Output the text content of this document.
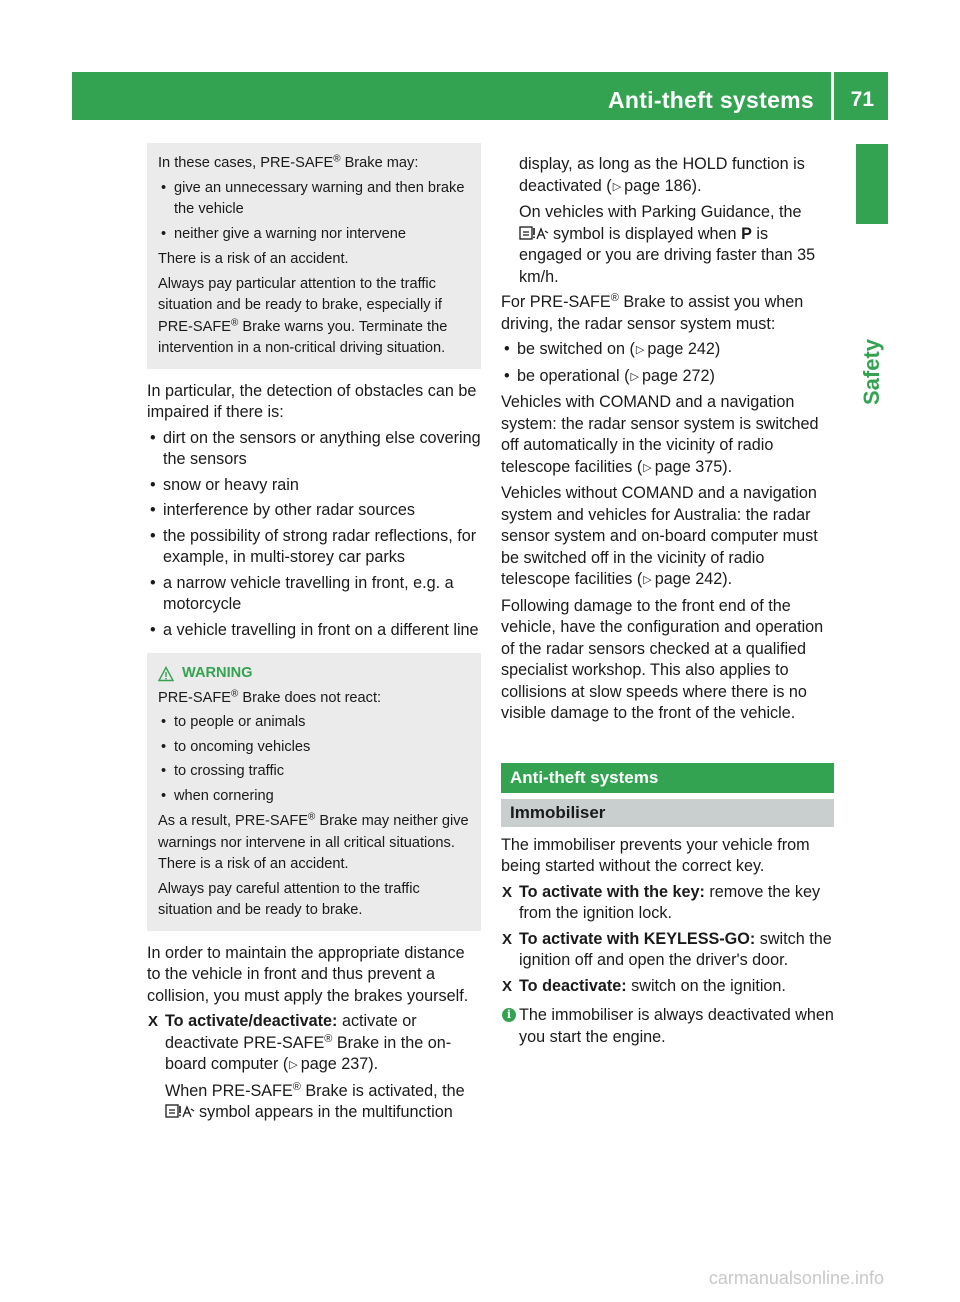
Anti-theft systems 71
Safety

In these cases, PRE-SAFE® Brake may:

• give an unnecessary warning and then brake the vehicle
• neither give a warning nor intervene

There is a risk of an accident.

Always pay particular attention to the traffic situation and be ready to brake, especially if PRE-SAFE® Brake warns you. Terminate the intervention in a non-critical driving situation.

In particular, the detection of obstacles can be impaired if there is:

• dirt on the sensors or anything else covering the sensors
• snow or heavy rain
• interference by other radar sources
• the possibility of strong radar reflections, for example, in multi-storey car parks
• a narrow vehicle travelling in front, e.g. a motorcycle
• a vehicle travelling in front on a different line
WARNING

PRE-SAFE® Brake does not react:

• to people or animals
• to oncoming vehicles
• to crossing traffic
• when cornering

As a result, PRE-SAFE® Brake may neither give warnings nor intervene in all critical situations. There is a risk of an accident.

Always pay careful attention to the traffic situation and be ready to brake.

In order to maintain the appropriate distance to the vehicle in front and thus prevent a collision, you must apply the brakes yourself.

X To activate/deactivate: activate or deactivate PRE-SAFE® Brake in the on-board computer (▷ page 237).
When PRE-SAFE® Brake is activated, the
symbol appears in the multifunction

display, as long as the HOLD function is deactivated (▷ page 186).

On vehicles with Parking Guidance, the
symbol is displayed when P is engaged or you are driving faster than 35 km/h.

For PRE-SAFE® Brake to assist you when driving, the radar sensor system must:

• be switched on (▷ page 242)
• be operational (▷ page 272)

Vehicles with COMAND and a navigation system: the radar sensor system is switched off automatically in the vicinity of radio telescope facilities (▷ page 375).

Vehicles without COMAND and a navigation system and vehicles for Australia: the radar sensor system and on-board computer must be switched off in the vicinity of radio telescope facilities (▷ page 242).

Following damage to the front end of the vehicle, have the configuration and operation of the radar sensors checked at a qualified specialist workshop. This also applies to collisions at slow speeds where there is no visible damage to the front of the vehicle.

Anti-theft systems
Immobiliser

The immobiliser prevents your vehicle from being started without the correct key.

X To activate with the key: remove the key from the ignition lock.
X To activate with KEYLESS-GO: switch the ignition off and open the driver's door.
X To deactivate: switch on the ignition.
i The immobiliser is always deactivated when you start the engine.
carmanualsonline.info
